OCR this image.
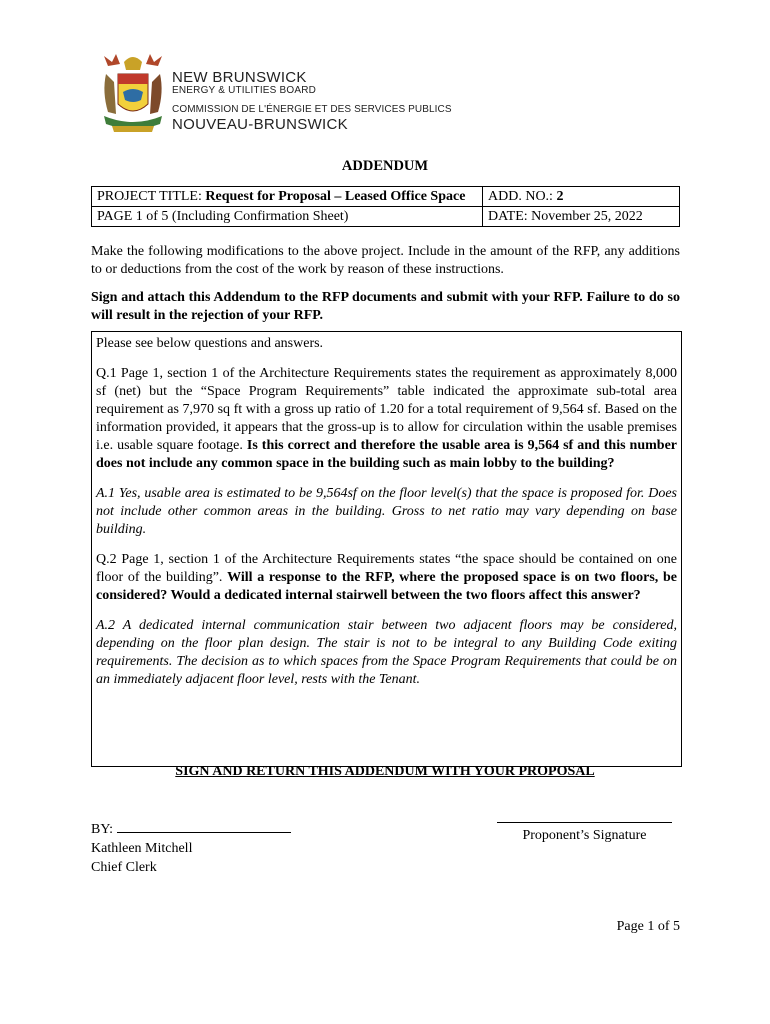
NEW BRUNSWICK
ENERGY & UTILITIES BOARD
COMMISSION DE L'ÉNERGIE ET DES SERVICES PUBLICS
NOUVEAU-BRUNSWICK
ADDENDUM
PROJECT TITLE: Request for Proposal – Leased Office Space	ADD. NO.: 2
PAGE 1 of 5 (Including Confirmation Sheet)	DATE: November 25, 2022
Make the following modifications to the above project. Include in the amount of the RFP, any additions to or deductions from the cost of the work by reason of these instructions.
Sign and attach this Addendum to the RFP documents and submit with your RFP. Failure to do so will result in the rejection of your RFP.

Please see below questions and answers.

Q.1 Page 1, section 1 of the Architecture Requirements states the requirement as approximately 8,000 sf (net) but the “Space Program Requirements” table indicated the approximate sub-total area requirement as 7,970 sq ft with a gross up ratio of 1.20 for a total requirement of 9,564 sf. Based on the information provided, it appears that the gross-up is to allow for circulation within the usable premises i.e. usable square footage. Is this correct and therefore the usable area is 9,564 sf and this number does not include any common space in the building such as main lobby to the building?

A.1 Yes, usable area is estimated to be 9,564sf on the floor level(s) that the space is proposed for. Does not include other common areas in the building. Gross to net ratio may vary depending on base building.

Q.2 Page 1, section 1 of the Architecture Requirements states “the space should be contained on one floor of the building”. Will a response to the RFP, where the proposed space is on two floors, be considered? Would a dedicated internal stairwell between the two floors affect this answer?

A.2 A dedicated internal communication stair between two adjacent floors may be considered, depending on the floor plan design. The stair is not to be integral to any Building Code exiting requirements. The decision as to which spaces from the Space Program Requirements that could be on an immediately adjacent floor level, rests with the Tenant.

SIGN AND RETURN THIS ADDENDUM WITH YOUR PROPOSAL
BY:
Kathleen Mitchell
Chief Clerk
Proponent’s Signature
Page 1 of 5
